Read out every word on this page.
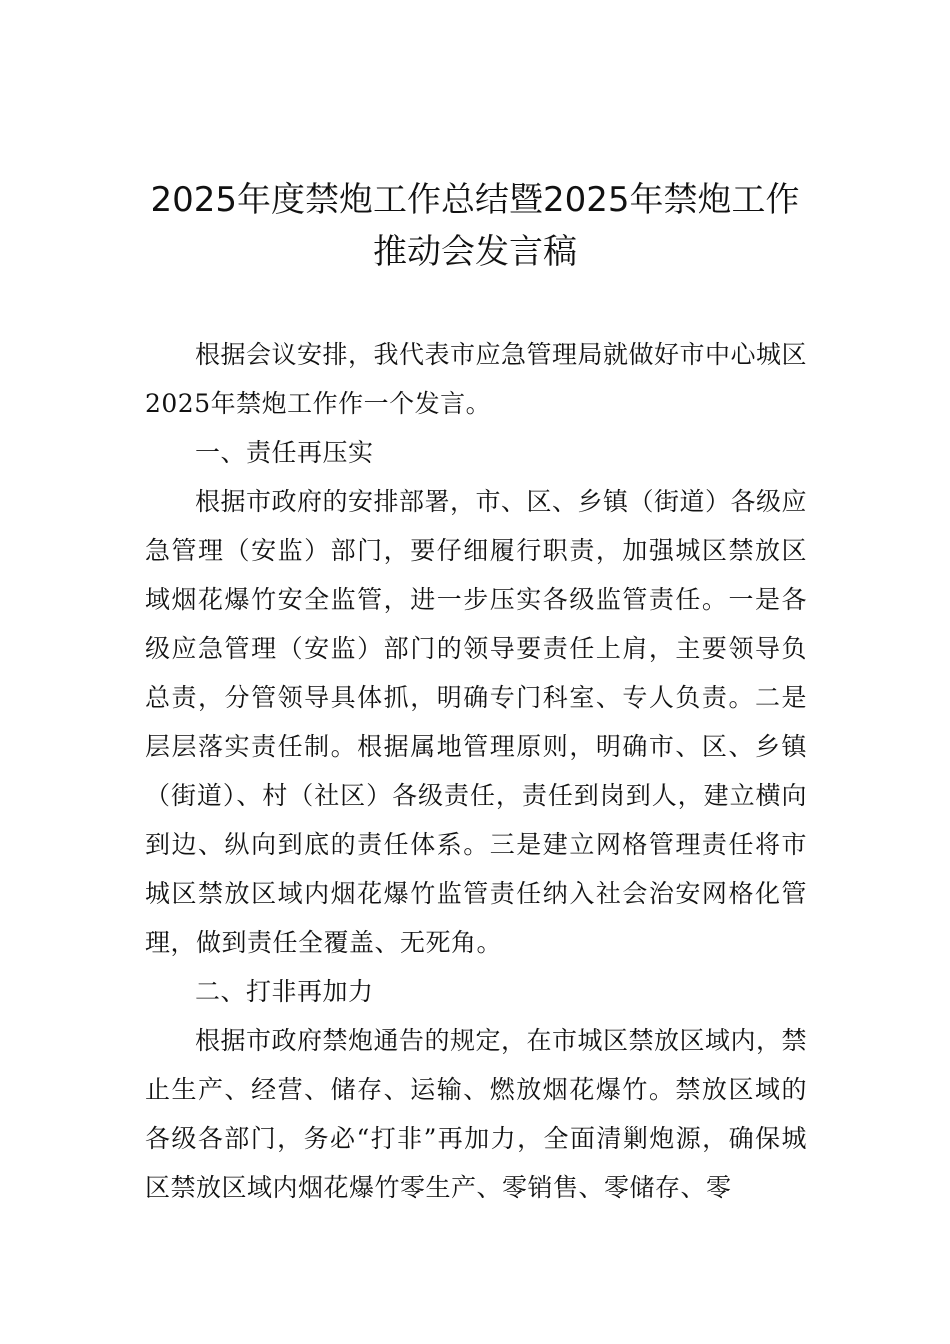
2025年度禁炮工作总结暨2025年禁炮工作
推动会发言稿

根据会议安排，我代表市应急管理局就做好市中心城区2025年禁炮工作作一个发言。

一、责任再压实

根据市政府的安排部署，市、区、乡镇（街道）各级应急管理（安监）部门，要仔细履行职责，加强城区禁放区域烟花爆竹安全监管，进一步压实各级监管责任。一是各级应急管理（安监）部门的领导要责任上肩，主要领导负总责，分管领导具体抓，明确专门科室、专人负责。二是层层落实责任制。根据属地管理原则，明确市、区、乡镇（街道）、村（社区）各级责任，责任到岗到人，建立横向到边、纵向到底的责任体系。三是建立网格管理责任将市城区禁放区域内烟花爆竹监管责任纳入社会治安网格化管理，做到责任全覆盖、无死角。

二、打非再加力

根据市政府禁炮通告的规定，在市城区禁放区域内，禁止生产、经营、储存、运输、燃放烟花爆竹。禁放区域的各级各部门，务必“打非”再加力，全面清剿炮源，确保城区禁放区域内烟花爆竹零生产、零销售、零储存、零
